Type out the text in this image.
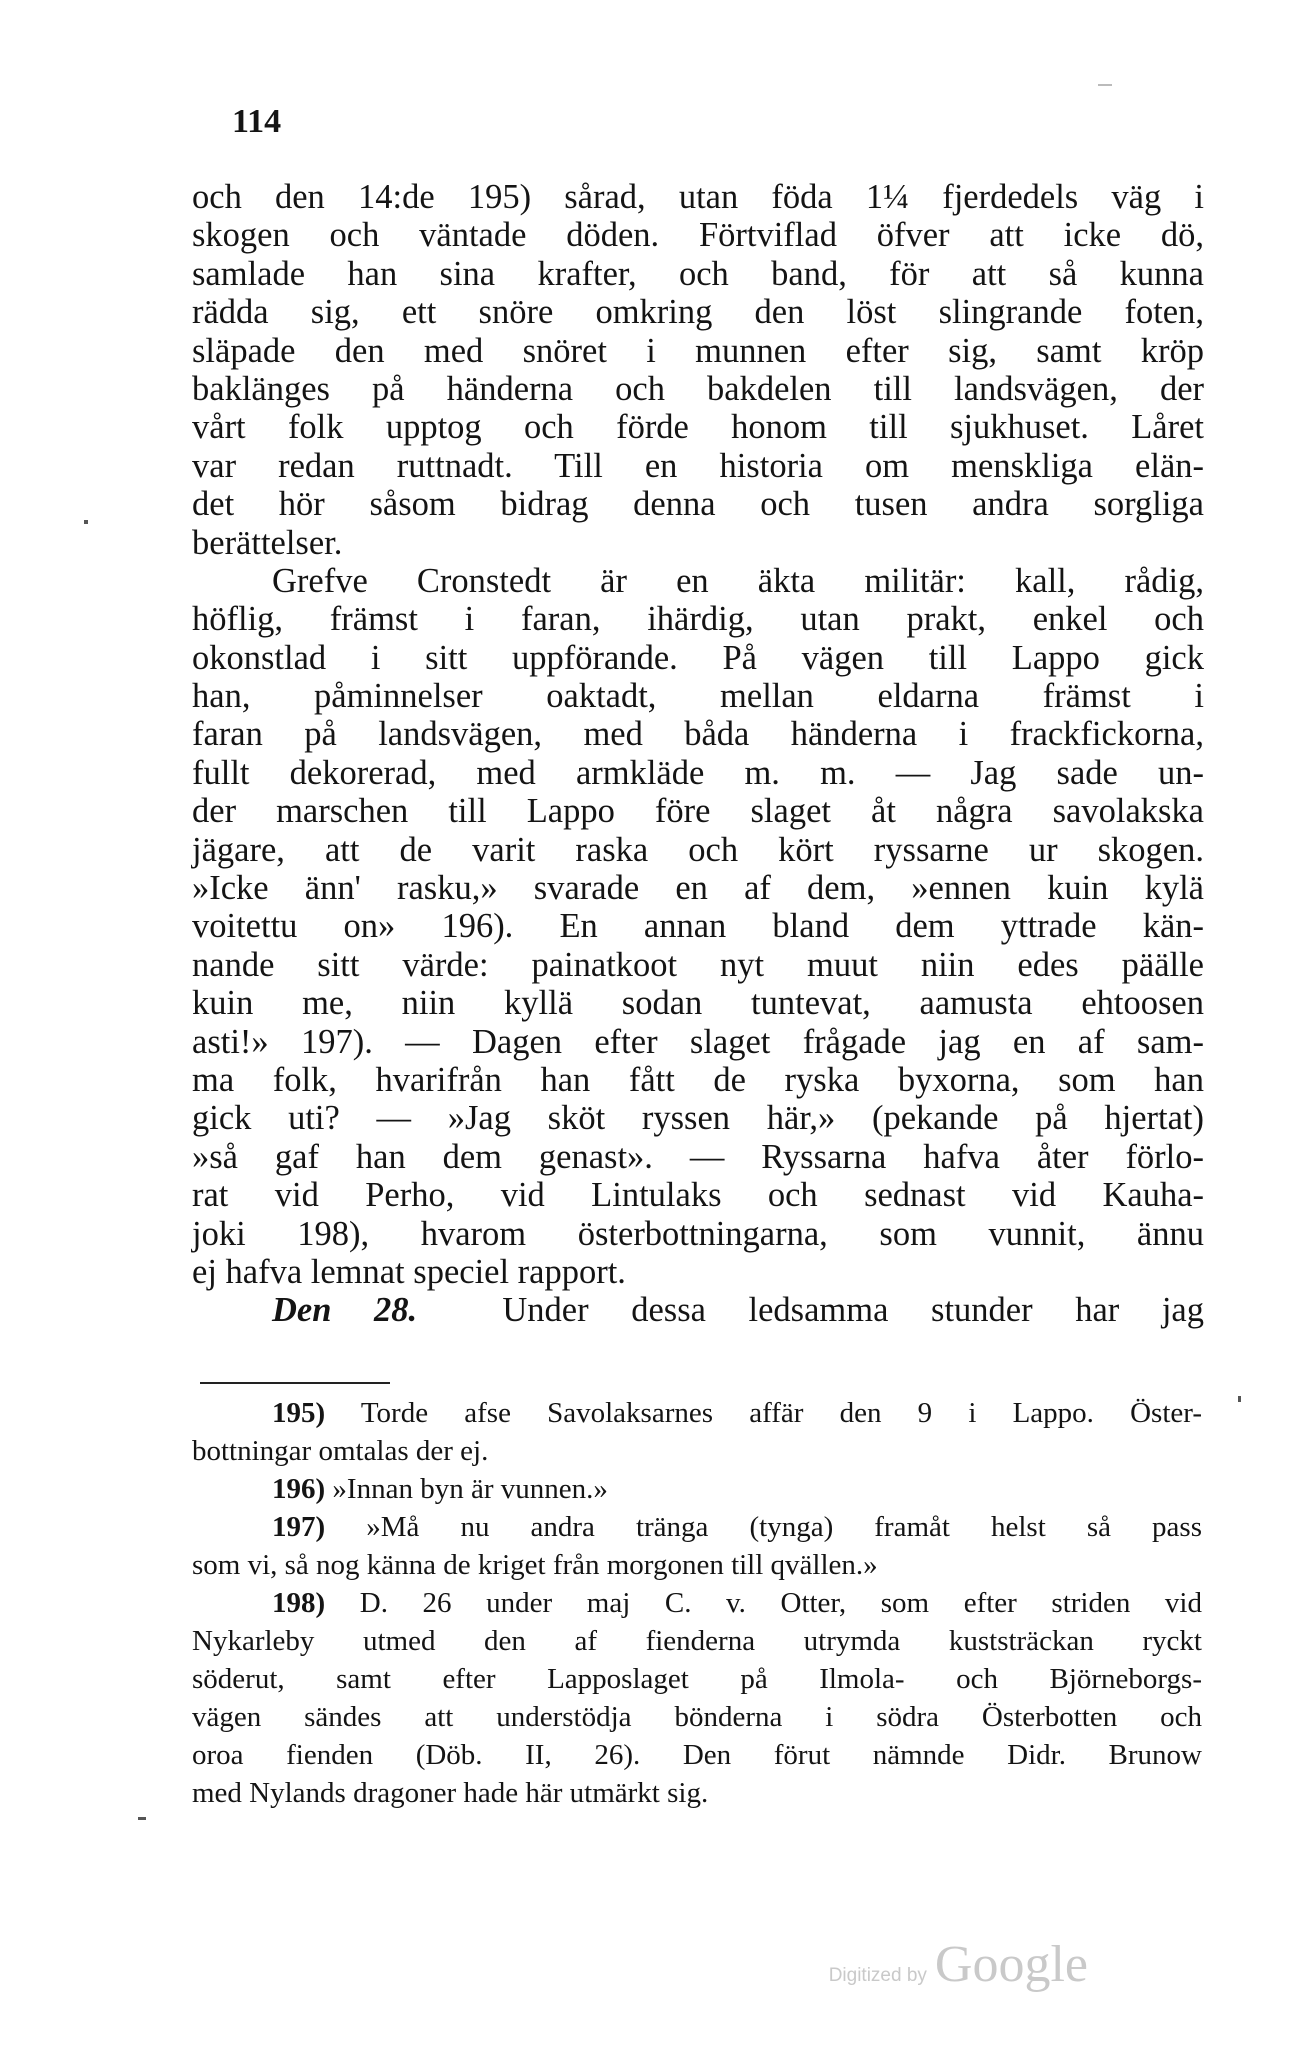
114
och den 14:de 195) sårad, utan föda 1¼ fjerdedels väg i
skogen och väntade döden. Förtviflad öfver att icke dö,
samlade han sina krafter, och band, för att så kunna
rädda sig, ett snöre omkring den löst slingrande foten,
släpade den med snöret i munnen efter sig, samt kröp
baklänges på händerna och bakdelen till landsvägen, der
vårt folk upptog och förde honom till sjukhuset. Låret
var redan ruttnadt. Till en historia om menskliga elän-
det hör såsom bidrag denna och tusen andra sorgliga
berättelser.
Grefve Cronstedt är en äkta militär: kall, rådig,
höflig, främst i faran, ihärdig, utan prakt, enkel och
okonstlad i sitt uppförande. På vägen till Lappo gick
han, påminnelser oaktadt, mellan eldarna främst i
faran på landsvägen, med båda händerna i frackfickorna,
fullt dekorerad, med armkläde m. m. — Jag sade un-
der marschen till Lappo före slaget åt några savolakska
jägare, att de varit raska och kört ryssarne ur skogen.
»Icke änn' rasku,» svarade en af dem, »ennen kuin kylä
voitettu on» 196). En annan bland dem yttrade kän-
nande sitt värde: painatkoot nyt muut niin edes päälle
kuin me, niin kyllä sodan tuntevat, aamusta ehtoosen
asti!» 197). — Dagen efter slaget frågade jag en af sam-
ma folk, hvarifrån han fått de ryska byxorna, som han
gick uti? — »Jag sköt ryssen här,» (pekande på hjertat)
»så gaf han dem genast». — Ryssarna hafva åter förlo-
rat vid Perho, vid Lintulaks och sednast vid Kauha-
joki 198), hvarom österbottningarna, som vunnit, ännu
ej hafva lemnat speciel rapport.
Den 28. Under dessa ledsamma stunder har jag
195) Torde afse Savolaksarnes affär den 9 i Lappo. Öster-
bottningar omtalas der ej.
196) »Innan byn är vunnen.»
197) »Må nu andra tränga (tynga) framåt helst så pass
som vi, så nog känna de kriget från morgonen till qvällen.»
198) D. 26 under maj C. v. Otter, som efter striden vid
Nykarleby utmed den af fienderna utrymda kuststräckan ryckt
söderut, samt efter Lapposlaget på Ilmola- och Björneborgs-
vägen sändes att understödja bönderna i södra Österbotten och
oroa fienden (Döb. II, 26). Den förut nämnde Didr. Brunow
med Nylands dragoner hade här utmärkt sig.
Digitized by Google
